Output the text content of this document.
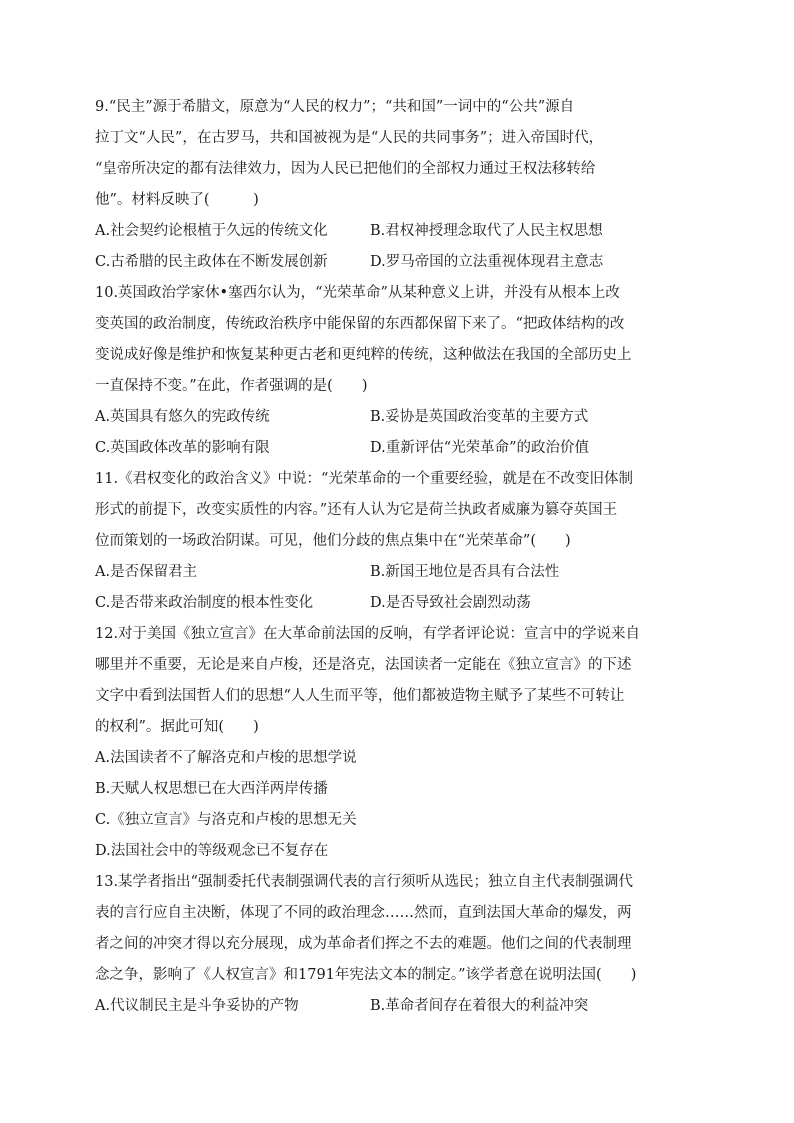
9.“民主”源于希腊文，原意为“人民的权力”；“共和国”一词中的“公共”源自
拉丁文“人民”，在古罗马，共和国被视为是“人民的共同事务”；进入帝国时代，
“皇帝所决定的都有法律效力，因为人民已把他们的全部权力通过王权法移转给
他”。材料反映了(　　　)
A.社会契约论根植于久远的传统文化	B.君权神授理念取代了人民主权思想
C.古希腊的民主政体在不断发展创新	D.罗马帝国的立法重视体现君主意志
10.英国政治学家休•塞西尔认为，“光荣革命”从某种意义上讲，并没有从根本上改
变英国的政治制度，传统政治秩序中能保留的东西都保留下来了。“把政体结构的改
变说成好像是维护和恢复某种更古老和更纯粹的传统，这种做法在我国的全部历史上
一直保持不变。”在此，作者强调的是(　　)
A.英国具有悠久的宪政传统	B.妥协是英国政治变革的主要方式
C.英国政体改革的影响有限	D.重新评估“光荣革命”的政治价值
11.《君权变化的政治含义》中说：“光荣革命的一个重要经验，就是在不改变旧体制
形式的前提下，改变实质性的内容。”还有人认为它是荷兰执政者威廉为篡夺英国王
位而策划的一场政治阴谋。可见，他们分歧的焦点集中在“光荣革命”(　　)
A.是否保留君主	B.新国王地位是否具有合法性
C.是否带来政治制度的根本性变化	D.是否导致社会剧烈动荡
12.对于美国《独立宣言》在大革命前法国的反响，有学者评论说：宣言中的学说来自
哪里并不重要，无论是来自卢梭，还是洛克，法国读者一定能在《独立宣言》的下述
文字中看到法国哲人们的思想“人人生而平等，他们都被造物主赋予了某些不可转让
的权利”。据此可知(　　)
A.法国读者不了解洛克和卢梭的思想学说
B.天赋人权思想已在大西洋两岸传播
C.《独立宣言》与洛克和卢梭的思想无关
D.法国社会中的等级观念已不复存在
13.某学者指出“强制委托代表制强调代表的言行须听从选民；独立自主代表制强调代
表的言行应自主决断，体现了不同的政治理念……然而，直到法国大革命的爆发，两
者之间的冲突才得以充分展现，成为革命者们挥之不去的难题。他们之间的代表制理
念之争，影响了《人权宣言》和1791年宪法文本的制定。”该学者意在说明法国(　　)
A.代议制民主是斗争妥协的产物	B.革命者间存在着很大的利益冲突
